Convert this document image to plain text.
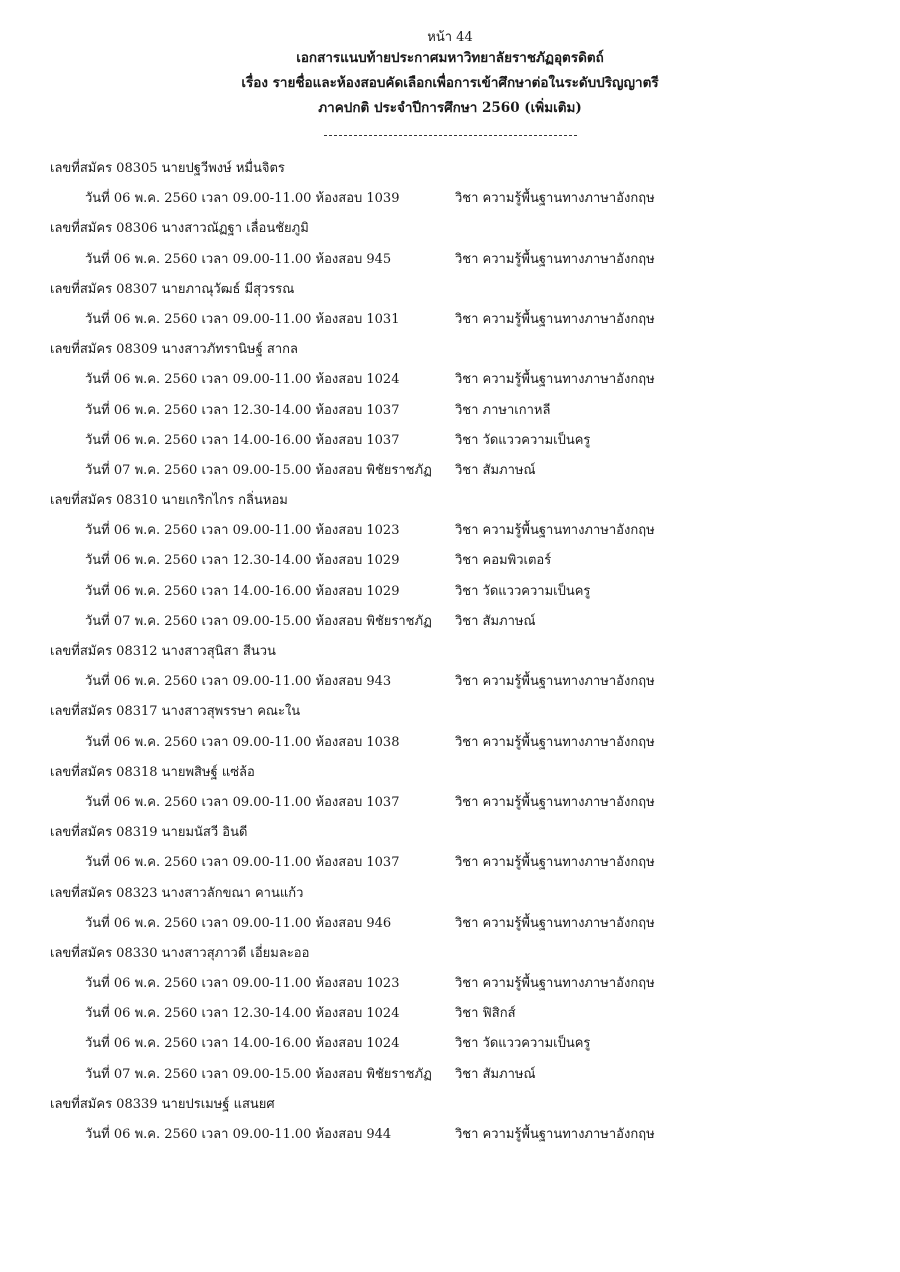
หน้า 44
เอกสารแนบท้ายประกาศมหาวิทยาลัยราชภัฏอุตรดิตถ์
เรื่อง รายชื่อและห้องสอบคัดเลือกเพื่อการเข้าศึกษาต่อในระดับปริญญาตรี
ภาคปกติ ประจำปีการศึกษา 2560 (เพิ่มเติม)
เลขที่สมัคร 08305 นายปฐวีพงษ์ หมื่นจิตร
วันที่ 06 พ.ค. 2560 เวลา 09.00-11.00 ห้องสอบ 1039	วิชา ความรู้พื้นฐานทางภาษาอังกฤษ
เลขที่สมัคร 08306 นางสาวณัฏฐา เลื่อนชัยภูมิ
วันที่ 06 พ.ค. 2560 เวลา 09.00-11.00 ห้องสอบ 945	วิชา ความรู้พื้นฐานทางภาษาอังกฤษ
เลขที่สมัคร 08307 นายภาณุวัฒธ์ มีสุวรรณ
วันที่ 06 พ.ค. 2560 เวลา 09.00-11.00 ห้องสอบ 1031	วิชา ความรู้พื้นฐานทางภาษาอังกฤษ
เลขที่สมัคร 08309 นางสาวภัทรานิษฐ์ สากล
วันที่ 06 พ.ค. 2560 เวลา 09.00-11.00 ห้องสอบ 1024	วิชา ความรู้พื้นฐานทางภาษาอังกฤษ
วันที่ 06 พ.ค. 2560 เวลา 12.30-14.00 ห้องสอบ 1037	วิชา ภาษาเกาหลี
วันที่ 06 พ.ค. 2560 เวลา 14.00-16.00 ห้องสอบ 1037	วิชา วัดแววความเป็นครู
วันที่ 07 พ.ค. 2560 เวลา 09.00-15.00 ห้องสอบ พิชัยราชภัฏ วิชา สัมภาษณ์
เลขที่สมัคร 08310 นายเกริกไกร กลิ่นหอม
วันที่ 06 พ.ค. 2560 เวลา 09.00-11.00 ห้องสอบ 1023	วิชา ความรู้พื้นฐานทางภาษาอังกฤษ
วันที่ 06 พ.ค. 2560 เวลา 12.30-14.00 ห้องสอบ 1029	วิชา คอมพิวเตอร์
วันที่ 06 พ.ค. 2560 เวลา 14.00-16.00 ห้องสอบ 1029	วิชา วัดแววความเป็นครู
วันที่ 07 พ.ค. 2560 เวลา 09.00-15.00 ห้องสอบ พิชัยราชภัฏ วิชา สัมภาษณ์
เลขที่สมัคร 08312 นางสาวสุนิสา สีนวน
วันที่ 06 พ.ค. 2560 เวลา 09.00-11.00 ห้องสอบ 943	วิชา ความรู้พื้นฐานทางภาษาอังกฤษ
เลขที่สมัคร 08317 นางสาวสุพรรษา คณะใน
วันที่ 06 พ.ค. 2560 เวลา 09.00-11.00 ห้องสอบ 1038	วิชา ความรู้พื้นฐานทางภาษาอังกฤษ
เลขที่สมัคร 08318 นายพสิษฐ์ แซ่ล้อ
วันที่ 06 พ.ค. 2560 เวลา 09.00-11.00 ห้องสอบ 1037	วิชา ความรู้พื้นฐานทางภาษาอังกฤษ
เลขที่สมัคร 08319 นายมนัสวี อินดี
วันที่ 06 พ.ค. 2560 เวลา 09.00-11.00 ห้องสอบ 1037	วิชา ความรู้พื้นฐานทางภาษาอังกฤษ
เลขที่สมัคร 08323 นางสาวลักขณา คานแก้ว
วันที่ 06 พ.ค. 2560 เวลา 09.00-11.00 ห้องสอบ 946	วิชา ความรู้พื้นฐานทางภาษาอังกฤษ
เลขที่สมัคร 08330 นางสาวสุภาวดี เอี่ยมละออ
วันที่ 06 พ.ค. 2560 เวลา 09.00-11.00 ห้องสอบ 1023	วิชา ความรู้พื้นฐานทางภาษาอังกฤษ
วันที่ 06 พ.ค. 2560 เวลา 12.30-14.00 ห้องสอบ 1024	วิชา ฟิสิกส์
วันที่ 06 พ.ค. 2560 เวลา 14.00-16.00 ห้องสอบ 1024	วิชา วัดแววความเป็นครู
วันที่ 07 พ.ค. 2560 เวลา 09.00-15.00 ห้องสอบ พิชัยราชภัฏ วิชา สัมภาษณ์
เลขที่สมัคร 08339 นายปรเมษฐ์ แสนยศ
วันที่ 06 พ.ค. 2560 เวลา 09.00-11.00 ห้องสอบ 944	วิชา ความรู้พื้นฐานทางภาษาอังกฤษ
